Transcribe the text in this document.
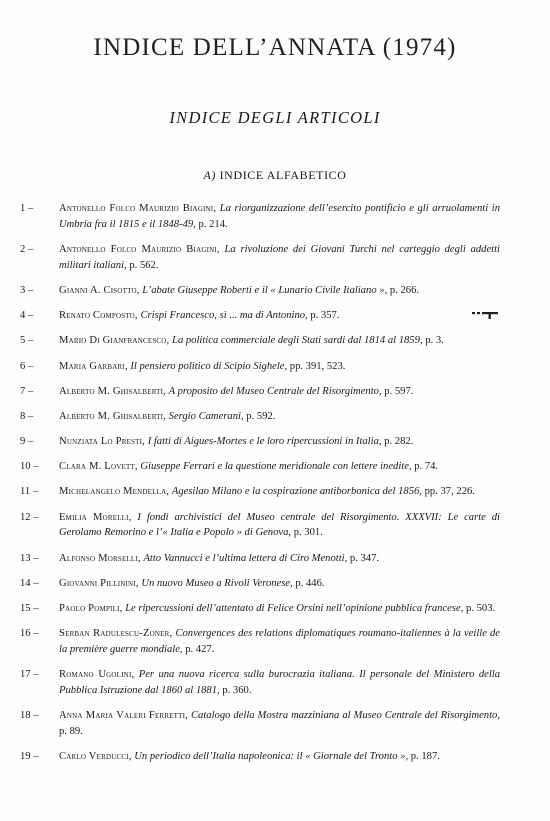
INDICE DELL’ANNATA (1974)
INDICE DEGLI ARTICOLI
A) INDICE ALFABETICO
1 –	Antonello Folco Maurizio Biagini, La riorganizzazione dell’esercito pontificio e gli arruolamenti in Umbria fra il 1815 e il 1848-49, p. 214.
2 –	Antonello Folco Maurizio Biagini, La rivoluzione dei Giovani Turchi nel carteggio degli addetti militari italiani, p. 562.
3 –	Gianni A. Cisotto, L’abate Giuseppe Roberti e il « Lunario Civile Italiano », p. 266.
4 –	Renato Composto, Crispi Francesco, sì ... ma di Antonino, p. 357.
5 –	Mario Di Gianfrancesco, La politica commerciale degli Stati sardi dal 1814 al 1859, p. 3.
6 –	Maria Garbari, Il pensiero politico di Scipio Sighele, pp. 391, 523.
7 –	Alberto M. Ghisalberti, A proposito del Museo Centrale del Risorgimento, p. 597.
8 –	Alberto M. Ghisalberti, Sergio Camerani, p. 592.
9 –	Nunziata Lo Presti, I fatti di Aigues-Mortes e le loro ripercussioni in Italia, p. 282.
10 –	Clara M. Lovett, Giuseppe Ferrari e la questione meridionale con lettere inedite, p. 74.
11 –	Michelangelo Mendella, Agesilao Milano e la cospirazione antiborbonica del 1856, pp. 37, 226.
12 –	Emilia Morelli, I fondi archivistici del Museo centrale del Risorgimento. XXXVII: Le carte di Gerolamo Remorino e l’« Italia e Popolo » di Genova, p. 301.
13 –	Alfonso Morselli, Atto Vannucci e l’ultima lettera di Ciro Menotti, p. 347.
14 –	Giovanni Pillinini, Un nuovo Museo a Rivoli Veronese, p. 446.
15 –	Paolo Pompili, Le ripercussioni dell’attentato di Felice Orsini nell’opinione pubblica francese, p. 503.
16 –	Serban Radulescu-Zoner, Convergences des relations diplomatiques roumano-italiennes à la veille de la première guerre mondiale, p. 427.
17 –	Romano Ugolini, Per una nuova ricerca sulla burocrazia italiana. Il personale del Ministero della Pubblica Istruzione dal 1860 al 1881, p. 360.
18 –	Anna Maria Valeri Ferretti, Catalogo della Mostra mazziniana al Museo Centrale del Risorgimento, p. 89.
19 –	Carlo Verducci, Un periodico dell’Italia napoleonica: il « Giornale del Tronto », p. 187.
